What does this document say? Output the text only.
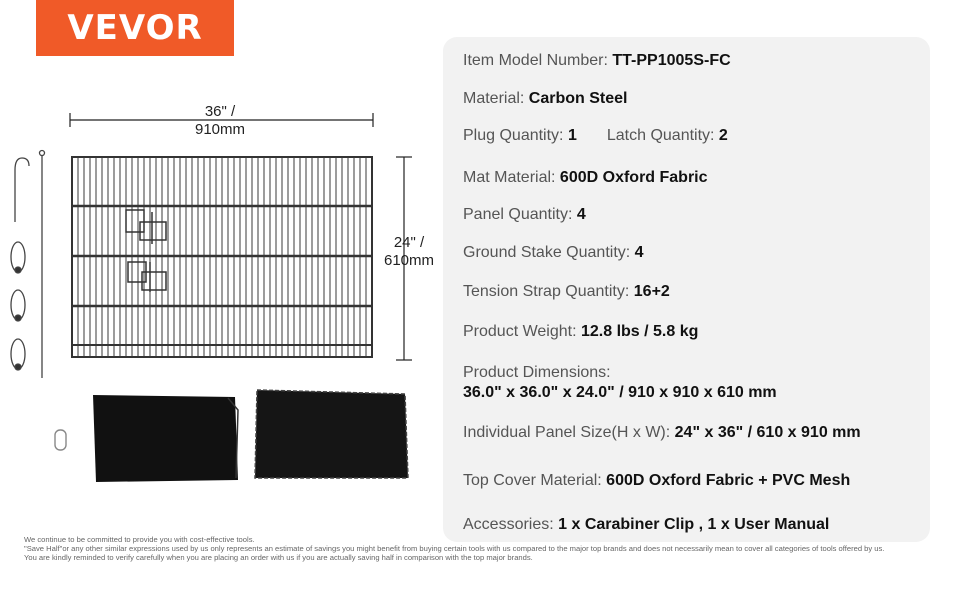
VEVOR
36" /
910mm
24" /
610mm
Item Model Number: TT-PP1005S-FC
Material: Carbon Steel
Plug Quantity: 1 Latch Quantity: 2
Mat Material: 600D Oxford Fabric
Panel Quantity: 4
Ground Stake Quantity: 4
Tension Strap Quantity: 16+2
Product Weight: 12.8 lbs / 5.8 kg
Product Dimensions:
36.0" x 36.0" x 24.0" / 910 x 910 x 610 mm
Individual Panel Size(H x W): 24" x 36" / 610 x 910 mm
Top Cover Material: 600D Oxford Fabric + PVC Mesh
Accessories: 1 x Carabiner Clip , 1 x User Manual
We continue to be committed to provide you with cost-effective tools.
"Save Half"or any other similar expressions used by us only represents an estimate of savings you might benefit from buying certain tools with us compared to the major top brands and does not necessarily mean to cover all categories of tools offered by us.
You are kindly reminded to verify carefully when you are placing an order with us if you are actually saving half in comparison with the top major brands.
